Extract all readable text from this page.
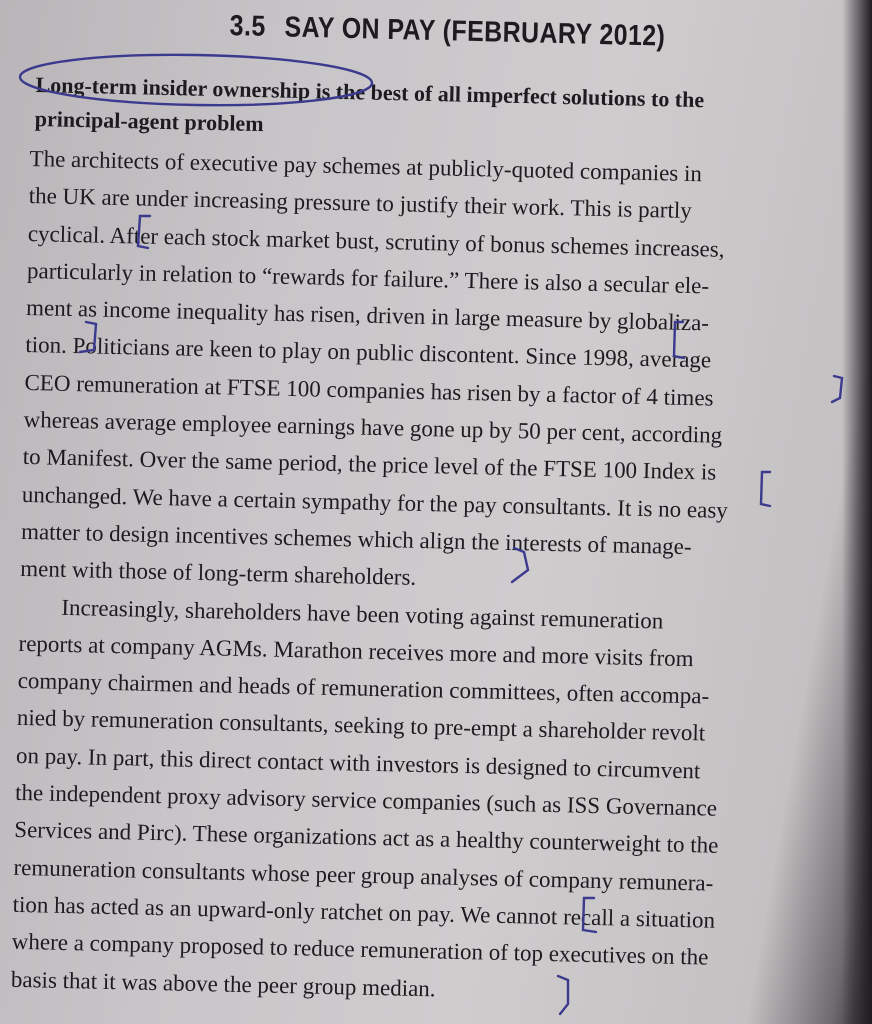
3.5 SAY ON PAY (FEBRUARY 2012)
Long-term insider ownership is the best of all imperfect solutions to the
principal-agent problem
The architects of executive pay schemes at publicly-quoted companies in
the UK are under increasing pressure to justify their work. This is partly
cyclical. After each stock market bust, scrutiny of bonus schemes increases,
particularly in relation to “rewards for failure.” There is also a secular ele-
ment as income inequality has risen, driven in large measure by globaliza-
tion. Politicians are keen to play on public discontent. Since 1998, average
CEO remuneration at FTSE 100 companies has risen by a factor of 4 times
whereas average employee earnings have gone up by 50 per cent, according
to Manifest. Over the same period, the price level of the FTSE 100 Index is
unchanged. We have a certain sympathy for the pay consultants. It is no easy
matter to design incentives schemes which align the interests of manage-
ment with those of long-term shareholders.
Increasingly, shareholders have been voting against remuneration
reports at company AGMs. Marathon receives more and more visits from
company chairmen and heads of remuneration committees, often accompa-
nied by remuneration consultants, seeking to pre-empt a shareholder revolt
on pay. In part, this direct contact with investors is designed to circumvent
the independent proxy advisory service companies (such as ISS Governance
Services and Pirc). These organizations act as a healthy counterweight to the
remuneration consultants whose peer group analyses of company remunera-
tion has acted as an upward-only ratchet on pay. We cannot recall a situation
where a company proposed to reduce remuneration of top executives on the
basis that it was above the peer group median.
